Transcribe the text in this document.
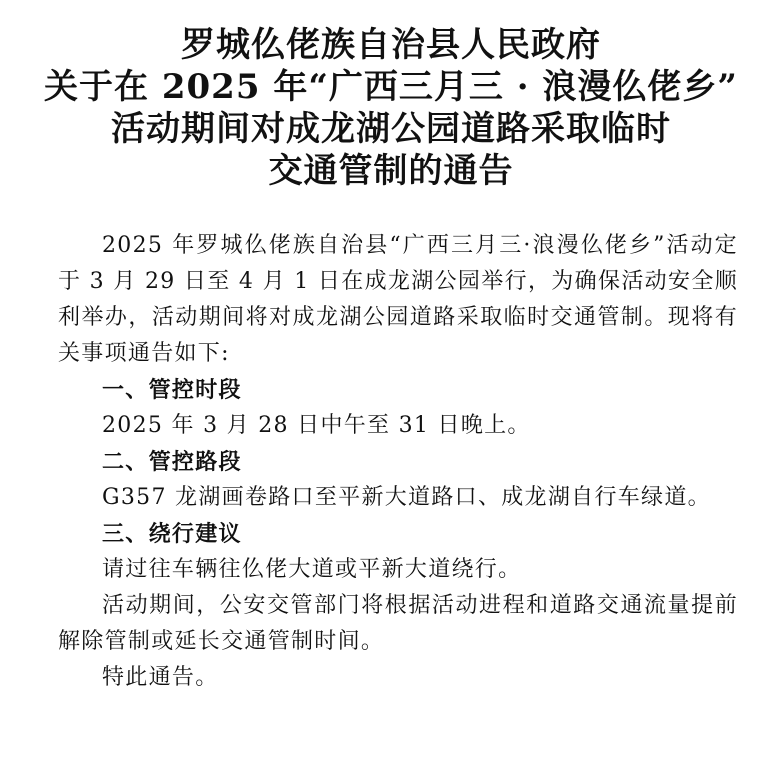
罗城仫佬族自治县人民政府
关于在 2025 年“广西三月三 · 浪漫仫佬乡”
活动期间对成龙湖公园道路采取临时
交通管制的通告

2025 年罗城仫佬族自治县“广西三月三·浪漫仫佬乡”活动定于 3 月 29 日至 4 月 1 日在成龙湖公园举行，为确保活动安全顺利举办，活动期间将对成龙湖公园道路采取临时交通管制。现将有关事项通告如下:

一、管控时段

2025 年 3 月 28 日中午至 31 日晚上。

二、管控路段

G357 龙湖画卷路口至平新大道路口、成龙湖自行车绿道。

三、绕行建议

请过往车辆往仫佬大道或平新大道绕行。

活动期间，公安交管部门将根据活动进程和道路交通流量提前解除管制或延长交通管制时间。

特此通告。
